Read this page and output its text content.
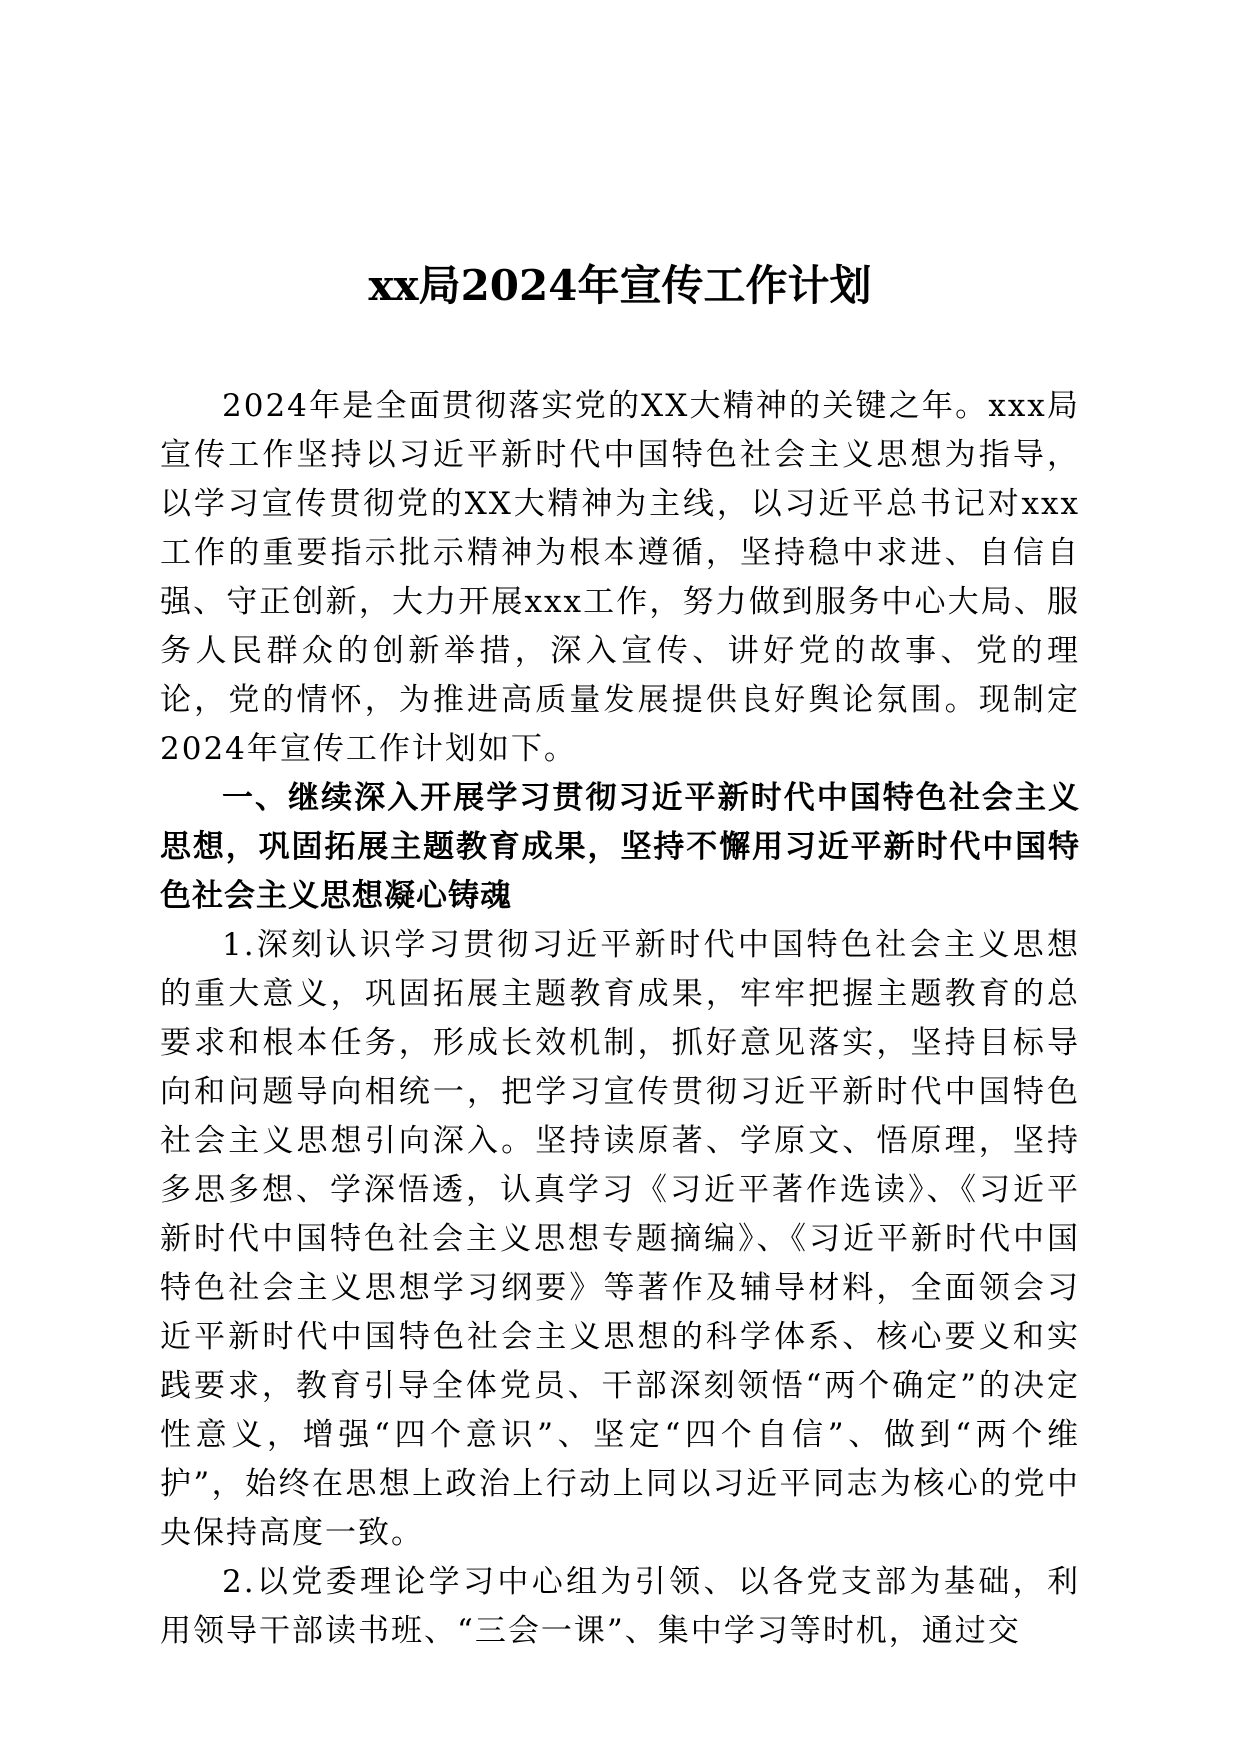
xx局2024年宣传工作计划

2024年是全面贯彻落实党的XX大精神的关键之年。xxx局宣传工作坚持以习近平新时代中国特色社会主义思想为指导，以学习宣传贯彻党的XX大精神为主线，以习近平总书记对xxx工作的重要指示批示精神为根本遵循，坚持稳中求进、自信自强、守正创新，大力开展xxx工作，努力做到服务中心大局、服务人民群众的创新举措，深入宣传、讲好党的故事、党的理论，党的情怀，为推进高质量发展提供良好舆论氛围。现制定2024年宣传工作计划如下。

一、继续深入开展学习贯彻习近平新时代中国特色社会主义思想，巩固拓展主题教育成果，坚持不懈用习近平新时代中国特色社会主义思想凝心铸魂

1.深刻认识学习贯彻习近平新时代中国特色社会主义思想的重大意义，巩固拓展主题教育成果，牢牢把握主题教育的总要求和根本任务，形成长效机制，抓好意见落实，坚持目标导向和问题导向相统一，把学习宣传贯彻习近平新时代中国特色社会主义思想引向深入。坚持读原著、学原文、悟原理，坚持多思多想、学深悟透，认真学习《习近平著作选读》、《习近平新时代中国特色社会主义思想专题摘编》、《习近平新时代中国特色社会主义思想学习纲要》等著作及辅导材料，全面领会习近平新时代中国特色社会主义思想的科学体系、核心要义和实践要求，教育引导全体党员、干部深刻领悟“两个确定”的决定性意义，增强“四个意识”、坚定“四个自信”、做到“两个维护”，始终在思想上政治上行动上同以习近平同志为核心的党中央保持高度一致。

2.以党委理论学习中心组为引领、以各党支部为基础，利用领导干部读书班、“三会一课”、集中学习等时机，通过交
